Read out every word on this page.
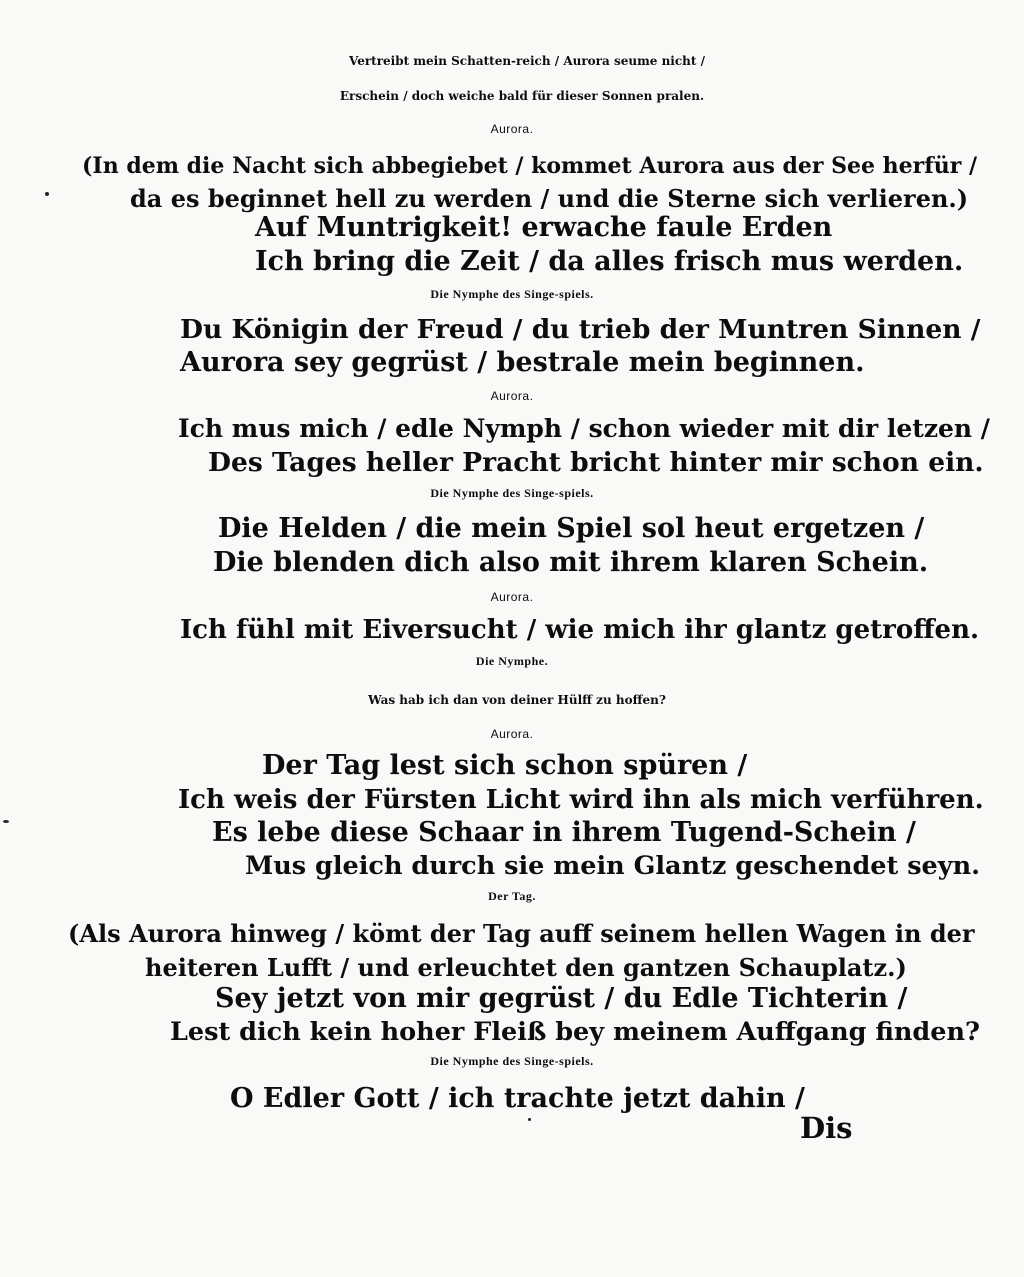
Vertreibt mein Schatten-reich / Aurora seume nicht /
Erschein / doch weiche bald für dieser Sonnen pralen.
Aurora.
(In dem die Nacht sich abbegiebet / kommet Aurora aus der See herfür /
da es beginnet hell zu werden / und die Sterne sich verlieren.)
Auf Muntrigkeit! erwache faule Erden
Ich bring die Zeit / da alles frisch mus werden.
Die Nymphe des Singe-spiels.
Du Königin der Freud / du trieb der Muntren Sinnen /
Aurora sey gegrüst / bestrale mein beginnen.
Aurora.
Ich mus mich / edle Nymph / schon wieder mit dir letzen /
Des Tages heller Pracht bricht hinter mir schon ein.
Die Nymphe des Singe-spiels.
Die Helden / die mein Spiel sol heut ergetzen /
Die blenden dich also mit ihrem klaren Schein.
Aurora.
Ich fühl mit Eiversucht / wie mich ihr glantz getroffen.
Die Nymphe.
Was hab ich dan von deiner Hülff zu hoffen?
Aurora.
Der Tag lest sich schon spüren /
Ich weis der Fürsten Licht wird ihn als mich verführen.
Es lebe diese Schaar in ihrem Tugend-Schein /
Mus gleich durch sie mein Glantz geschendet seyn.
Der Tag.
(Als Aurora hinweg / kömt der Tag auff seinem hellen Wagen in der
heiteren Lufft / und erleuchtet den gantzen Schauplatz.)
Sey jetzt von mir gegrüst / du Edle Tichterin /
Lest dich kein hoher Fleiß bey meinem Auffgang finden?
Die Nymphe des Singe-spiels.
O Edler Gott / ich trachte jetzt dahin /
Dis
